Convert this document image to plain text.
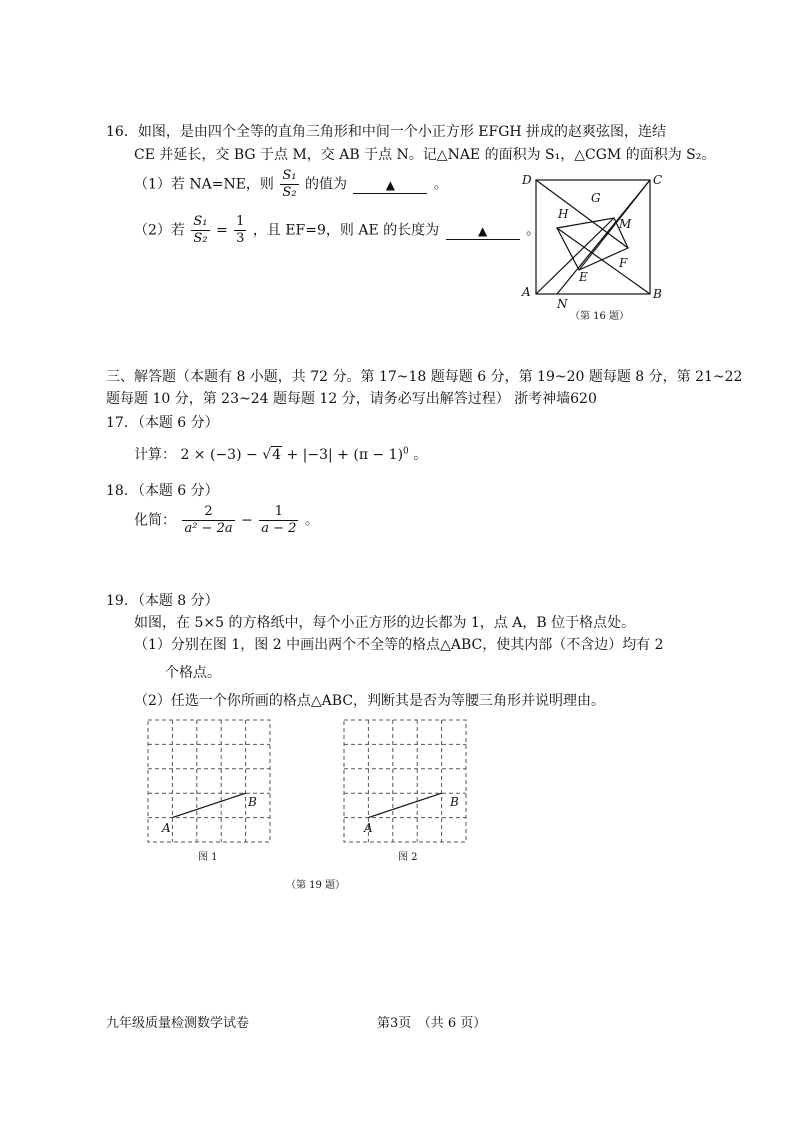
16．如图，是由四个全等的直角三角形和中间一个小正方形 EFGH 拼成的赵爽弦图，连结
CE 并延长，交 BG 于点 M，交 AB 于点 N。记△NAE 的面积为 S₁，△CGM 的面积为 S₂。
（1）若 NA=NE，则 $\frac{\text{S₁}}{\text{S₂}}$ 的值为	▲	。
（2）若 $\frac{\text{S₁}}{\text{S₂}} = \frac{1}{3}$ ，且 EF=9，则 AE 的长度为	▲	。
D	C
A	B
H
G
M
F
E
N
（第 16 题）
三、解答题（本题有 8 小题，共 72 分。第 17~18 题每题 6 分，第 19~20 题每题 8 分，第 21~22
题每题 10 分，第 23~24 题每题 12 分，请务必写出解答过程） 浙考神墙620
17．（本题 6 分）
计算： $2 \times (-3) - √4 + |-3| + (\pi - 1)^0$ 。
18．（本题 6 分）
化简： $\frac{2}{\text{a² − 2a}} - \frac{1}{a - 2}$ 。
19．（本题 8 分）
如图，在 5×5 的方格纸中，每个小正方形的边长都为 1，点 A，B 位于格点处。
（1）分别在图 1，图 2 中画出两个不全等的格点△ABC，使其内部（不含边）均有 2
个格点。
（2）任选一个你所画的格点△ABC，判断其是否为等腰三角形并说明理由。
A
B
图 1
A
B
图 2
（第 19 题）
九年级质量检测数学试卷	第3页　（共 6 页）
